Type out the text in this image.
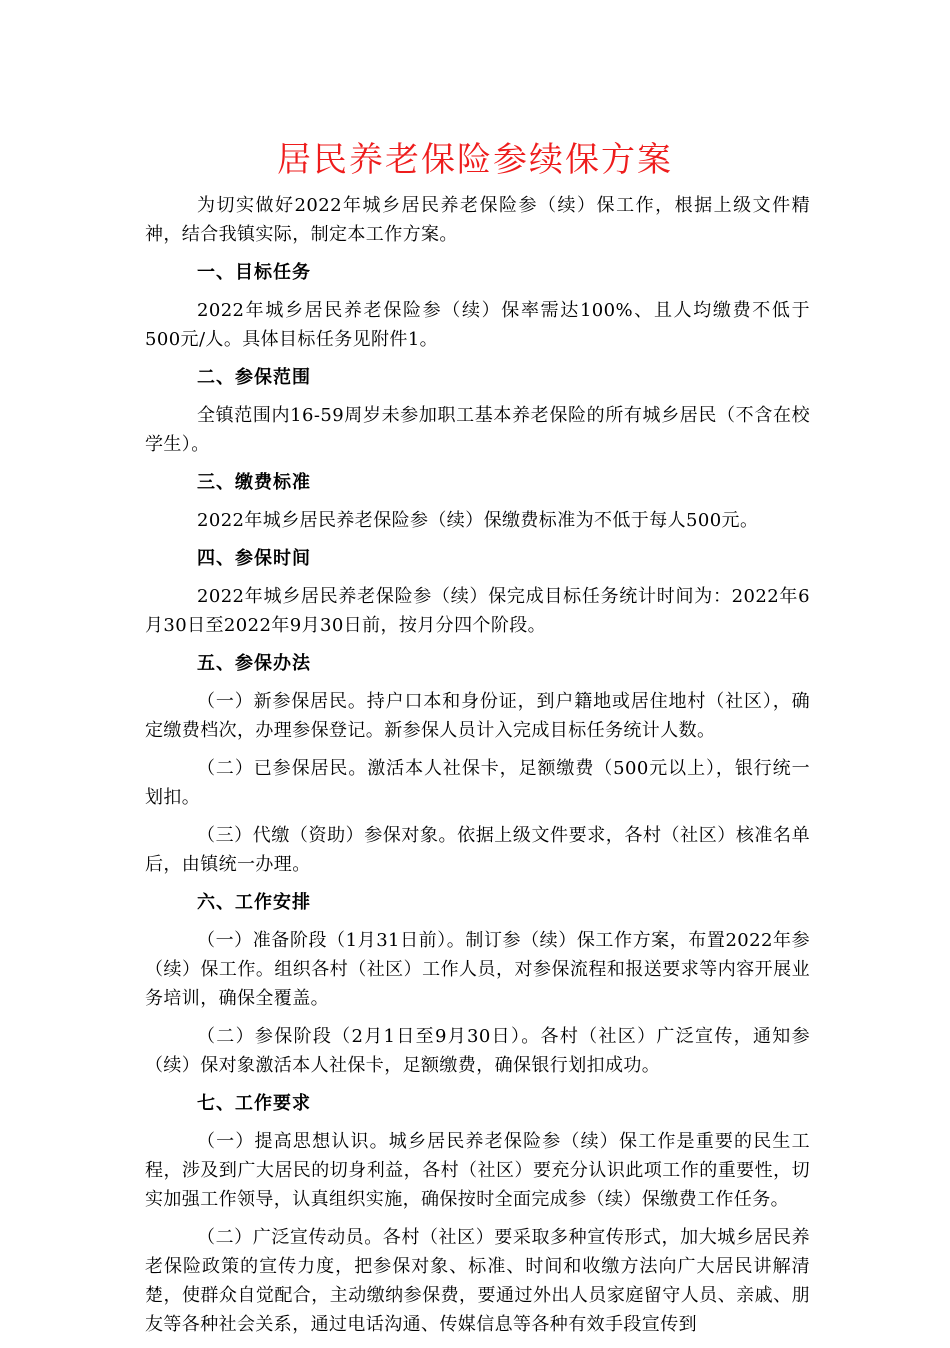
居民养老保险参续保方案

为切实做好2022年城乡居民养老保险参（续）保工作，根据上级文件精神，结合我镇实际，制定本工作方案。

一、目标任务

2022年城乡居民养老保险参（续）保率需达100%、且人均缴费不低于500元/人。具体目标任务见附件1。

二、参保范围

全镇范围内16-59周岁未参加职工基本养老保险的所有城乡居民（不含在校学生）。

三、缴费标准

2022年城乡居民养老保险参（续）保缴费标准为不低于每人500元。

四、参保时间

2022年城乡居民养老保险参（续）保完成目标任务统计时间为：2022年6月30日至2022年9月30日前，按月分四个阶段。

五、参保办法

（一）新参保居民。持户口本和身份证，到户籍地或居住地村（社区），确定缴费档次，办理参保登记。新参保人员计入完成目标任务统计人数。

（二）已参保居民。激活本人社保卡，足额缴费（500元以上），银行统一划扣。

（三）代缴（资助）参保对象。依据上级文件要求，各村（社区）核准名单后，由镇统一办理。

六、工作安排

（一）准备阶段（1月31日前）。制订参（续）保工作方案，布置2022年参（续）保工作。组织各村（社区）工作人员，对参保流程和报送要求等内容开展业务培训，确保全覆盖。

（二）参保阶段（2月1日至9月30日）。各村（社区）广泛宣传，通知参（续）保对象激活本人社保卡，足额缴费，确保银行划扣成功。

七、工作要求

（一）提高思想认识。城乡居民养老保险参（续）保工作是重要的民生工程，涉及到广大居民的切身利益，各村（社区）要充分认识此项工作的重要性，切实加强工作领导，认真组织实施，确保按时全面完成参（续）保缴费工作任务。

（二）广泛宣传动员。各村（社区）要采取多种宣传形式，加大城乡居民养老保险政策的宣传力度，把参保对象、标准、时间和收缴方法向广大居民讲解清楚，使群众自觉配合，主动缴纳参保费，要通过外出人员家庭留守人员、亲戚、朋友等各种社会关系，通过电话沟通、传媒信息等各种有效手段宣传到
